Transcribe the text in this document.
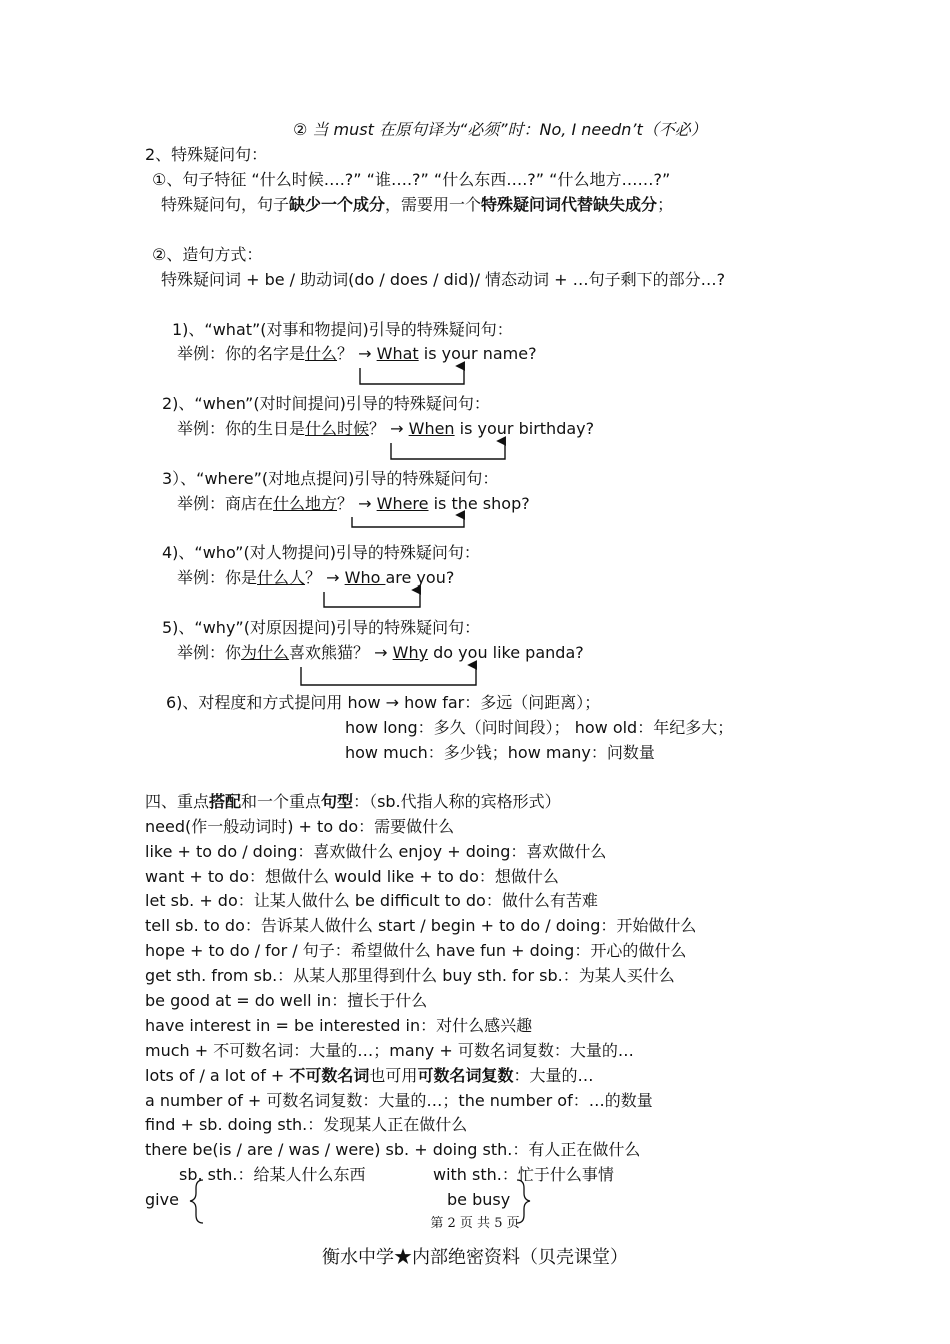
② 当 must 在原句译为“必须”时：No, I needn’t（不必）
2、特殊疑问句：
①、句子特征 “什么时候….?” “谁….?” “什么东西….?” “什么地方……?”
特殊疑问句，句子缺少一个成分，需要用一个特殊疑问词代替缺失成分；
②、造句方式：
特殊疑问词 + be / 助动词(do / does / did)/ 情态动词 + …句子剩下的部分…?
1)、“what”(对事和物提问)引导的特殊疑问句：
举例：你的名字是什么？ → What is your name?
2)、“when”(对时间提问)引导的特殊疑问句：
举例：你的生日是什么时候？ → When is your birthday?
3）、“where”(对地点提问)引导的特殊疑问句：
举例：商店在什么地方？ → Where is the shop?
4)、“who”(对人物提问)引导的特殊疑问句：
举例：你是什么人？ → Who are you?
5)、“why”(对原因提问)引导的特殊疑问句：
举例：你为什么喜欢熊猫？ → Why do you like panda?
6)、对程度和方式提问用 how → how far：多远（问距离）；
how long：多久（问时间段）； how old：年纪多大；
how much：多少钱；how many：问数量
四、重点搭配和一个重点句型：（sb.代指人称的宾格形式）
need(作一般动词时) + to do：需要做什么
like + to do / doing：喜欢做什么 enjoy + doing：喜欢做什么
want + to do：想做什么 would like + to do：想做什么
let sb. + do：让某人做什么 be difficult to do：做什么有苦难
tell sb. to do：告诉某人做什么 start / begin + to do / doing：开始做什么
hope + to do / for / 句子：希望做什么 have fun + doing：开心的做什么
get sth. from sb.：从某人那里得到什么 buy sth. for sb.：为某人买什么
be good at = do well in：擅长于什么
have interest in = be interested in：对什么感兴趣
much + 不可数名词：大量的…；many + 可数名词复数：大量的…
lots of / a lot of + 不可数名词也可用可数名词复数：大量的…
a number of + 可数名词复数：大量的…；the number of：…的数量
find + sb. doing sth.：发现某人正在做什么
there be(is / are / was / were) sb. + doing sth.：有人正在做什么
sb. sth.：给某人什么东西
give
with sth.：忙于什么事情
be busy
第 2 页 共 5 页
衡水中学★内部绝密资料（贝壳课堂）
